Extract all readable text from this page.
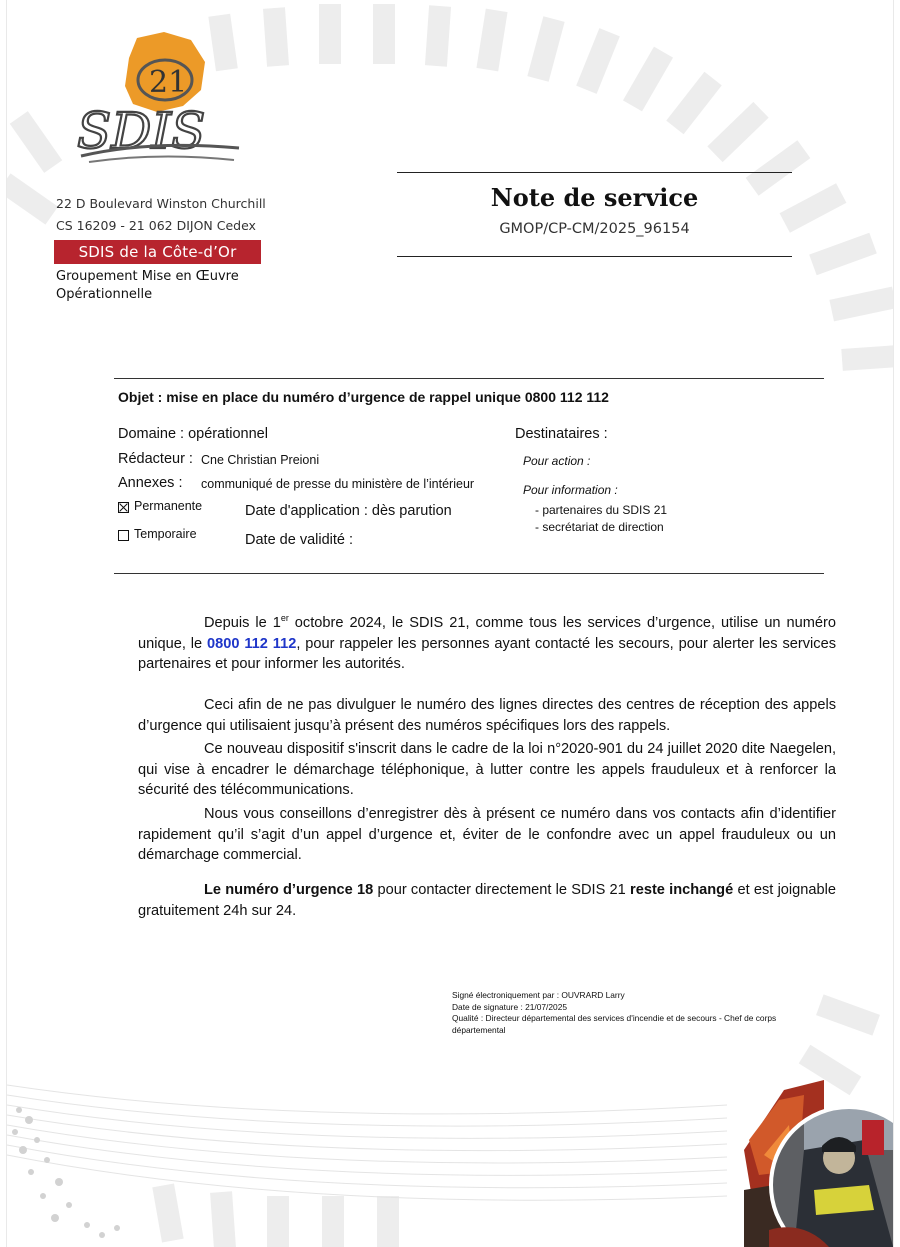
21
SDIS
22 D Boulevard Winston Churchill
CS 16209 - 21 062 DIJON Cedex
SDIS de la Côte-d’Or
Groupement Mise en Œuvre
Opérationnelle
Note de service
GMOP/CP-CM/2025_96154
Objet : mise en place du numéro d’urgence de rappel unique 0800 112 112
Domaine : opérationnel
Rédacteur : Cne Christian Preioni
Annexes : communiqué de presse du ministère de l’intérieur
Permanente
Temporaire
Date d'application : dès parution
Date de validité :
Destinataires :
Pour action :
Pour information :
- partenaires du SDIS 21
- secrétariat de direction

Depuis le 1er octobre 2024, le SDIS 21, comme tous les services d’urgence, utilise un numéro unique, le 0800 112 112, pour rappeler les personnes ayant contacté les secours, pour alerter les services partenaires et pour informer les autorités.

Ceci afin de ne pas divulguer le numéro des lignes directes des centres de réception des appels d’urgence qui utilisaient jusqu’à présent des numéros spécifiques lors des rappels.

Ce nouveau dispositif s'inscrit dans le cadre de la loi n°2020-901 du 24 juillet 2020 dite Naegelen, qui vise à encadrer le démarchage téléphonique, à lutter contre les appels frauduleux et à renforcer la sécurité des télécommunications.

Nous vous conseillons d’enregistrer dès à présent ce numéro dans vos contacts afin d’identifier rapidement qu’il s’agit d’un appel d’urgence et, éviter de le confondre avec un appel frauduleux ou un démarchage commercial.

Le numéro d’urgence 18 pour contacter directement le SDIS 21 reste inchangé et est joignable gratuitement 24h sur 24.

Signé électroniquement par : OUVRARD Larry
Date de signature : 21/07/2025
Qualité : Directeur départemental des services d'incendie et de secours - Chef de corps départemental
